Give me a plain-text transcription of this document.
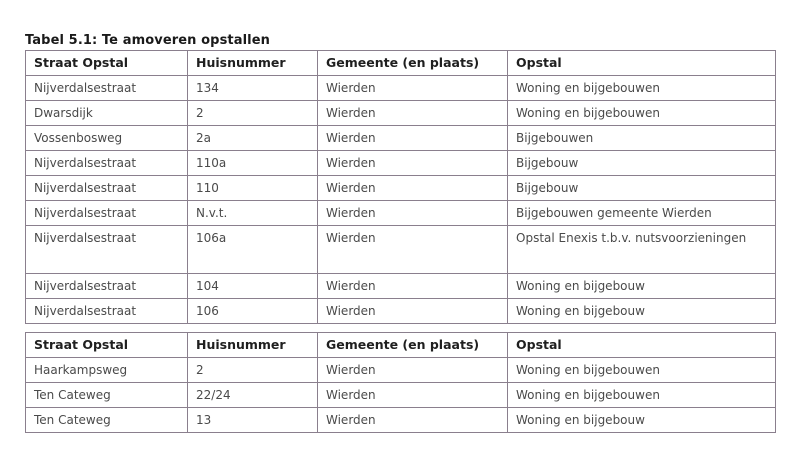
Tabel 5.1: Te amoveren opstallen
Straat Opstal	Huisnummer	Gemeente (en plaats)	Opstal
Nijverdalsestraat	134	Wierden	Woning en bijgebouwen
Dwarsdijk	2	Wierden	Woning en bijgebouwen
Vossenbosweg	2a	Wierden	Bijgebouwen
Nijverdalsestraat	110a	Wierden	Bijgebouw
Nijverdalsestraat	110	Wierden	Bijgebouw
Nijverdalsestraat	N.v.t.	Wierden	Bijgebouwen gemeente Wierden
Nijverdalsestraat	106a	Wierden	Opstal Enexis t.b.v. nutsvoorzieningen
Nijverdalsestraat	104	Wierden	Woning en bijgebouw
Nijverdalsestraat	106	Wierden	Woning en bijgebouw
Straat Opstal	Huisnummer	Gemeente (en plaats)	Opstal
Haarkampsweg	2	Wierden	Woning en bijgebouwen
Ten Cateweg	22/24	Wierden	Woning en bijgebouwen
Ten Cateweg	13	Wierden	Woning en bijgebouw
